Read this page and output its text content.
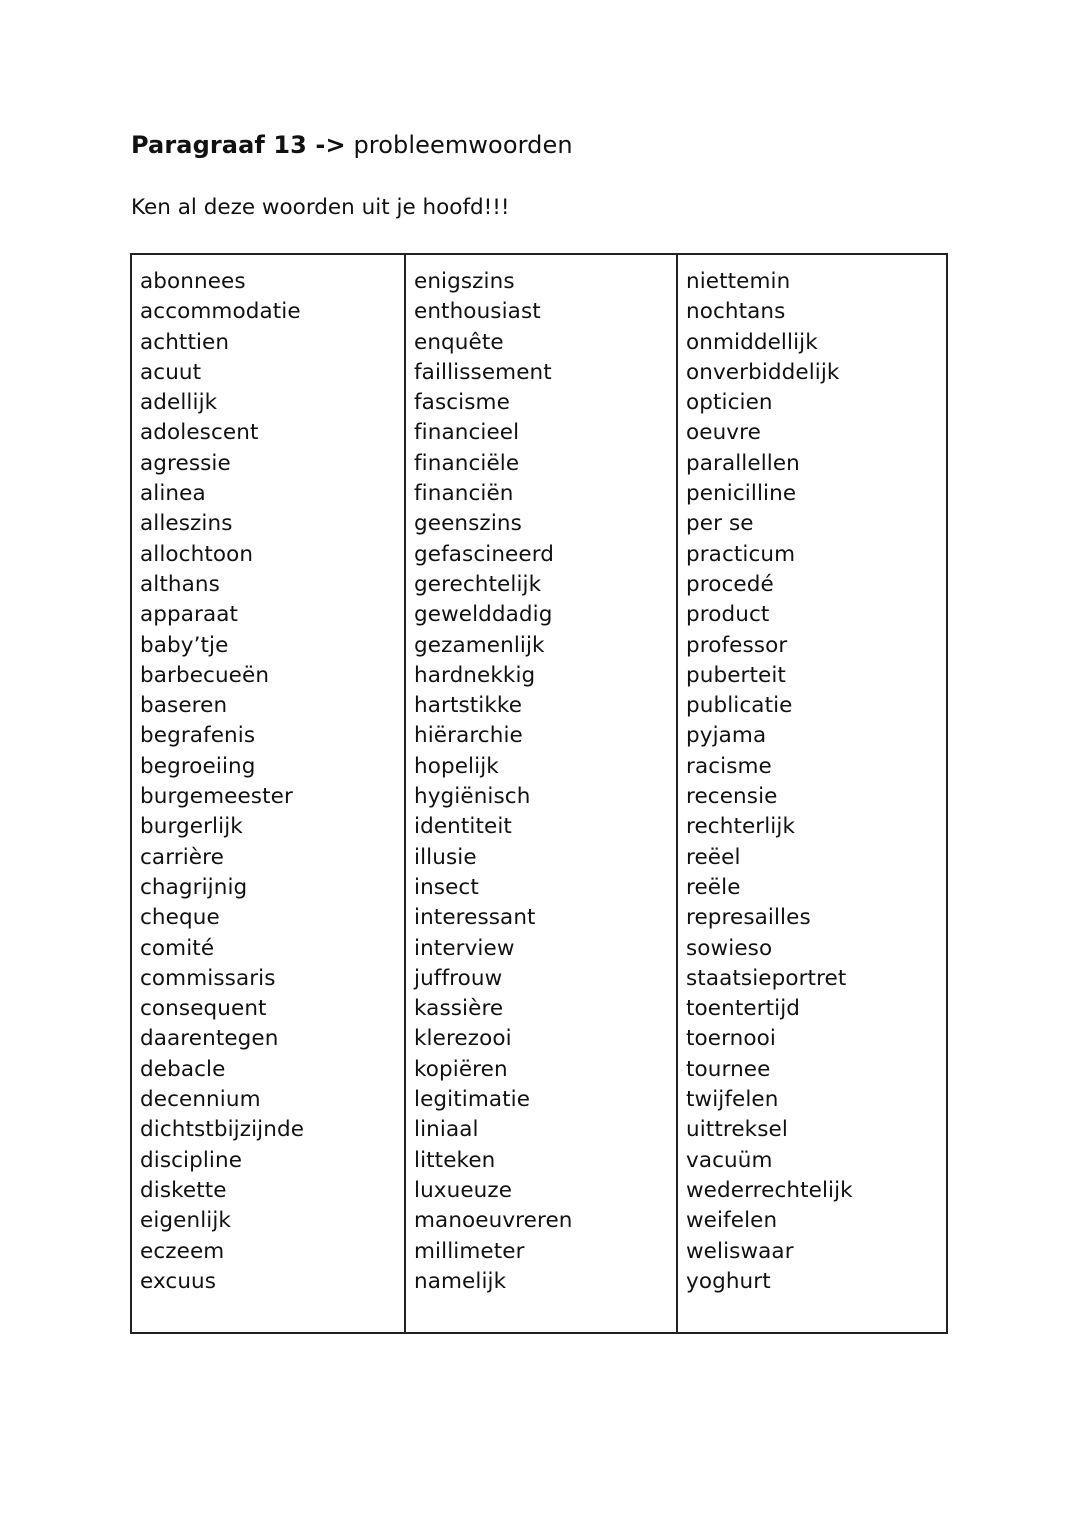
Paragraaf 13 -> probleemwoorden
Ken al deze woorden uit je hoofd!!!
abonnees
accommodatie
achttien
acuut
adellijk
adolescent
agressie
alinea
alleszins
allochtoon
althans
apparaat
baby’tje
barbecueën
baseren
begrafenis
begroeiing
burgemeester
burgerlijk
carrière
chagrijnig
cheque
comité
commissaris
consequent
daarentegen
debacle
decennium
dichtstbijzijnde
discipline
diskette
eigenlijk
eczeem
excuus
enigszins
enthousiast
enquête
faillissement
fascisme
financieel
financiële
financiën
geenszins
gefascineerd
gerechtelijk
gewelddadig
gezamenlijk
hardnekkig
hartstikke
hiërarchie
hopelijk
hygiënisch
identiteit
illusie
insect
interessant
interview
juffrouw
kassière
klerezooi
kopiëren
legitimatie
liniaal
litteken
luxueuze
manoeuvreren
millimeter
namelijk
niettemin
nochtans
onmiddellijk
onverbiddelijk
opticien
oeuvre
parallellen
penicilline
per se
practicum
procedé
product
professor
puberteit
publicatie
pyjama
racisme
recensie
rechterlijk
reëel
reële
represailles
sowieso
staatsieportret
toentertijd
toernooi
tournee
twijfelen
uittreksel
vacuüm
wederrechtelijk
weifelen
weliswaar
yoghurt
